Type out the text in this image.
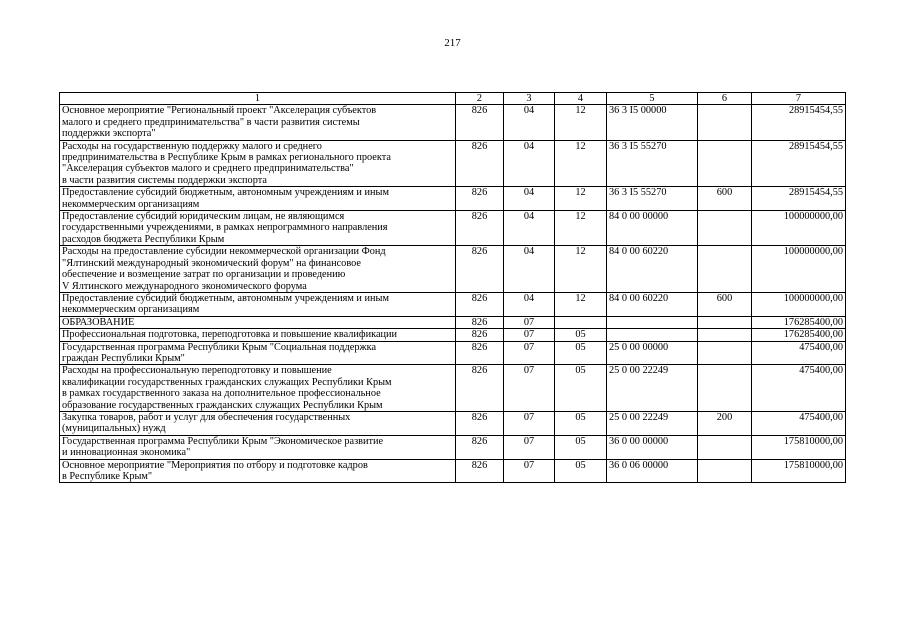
217
1	2	3	4	5	6	7
Основное мероприятие "Региональный проект "Акселерация субъектов
малого и среднего предпринимательства" в части развития системы
поддержки экспорта"	826	04	12	36 3 I5 00000		28915454,55
Расходы на государственную поддержку малого и среднего
предпринимательства в Республике Крым в рамках регионального проекта
"Акселерация субъектов малого и среднего предпринимательства"
в части развития системы поддержки экспорта	826	04	12	36 3 I5 55270		28915454,55
Предоставление субсидий бюджетным, автономным учреждениям и иным
некоммерческим организациям	826	04	12	36 3 I5 55270	600	28915454,55
Предоставление субсидий юридическим лицам, не являющимся
государственными учреждениями, в рамках непрограммного направления
расходов бюджета Республики Крым	826	04	12	84 0 00 00000		100000000,00
Расходы на предоставление субсидии некоммерческой организации Фонд
"Ялтинский международный экономический форум" на финансовое
обеспечение и возмещение затрат по организации и проведению
V Ялтинского международного экономического форума	826	04	12	84 0 00 60220		100000000,00
Предоставление субсидий бюджетным, автономным учреждениям и иным
некоммерческим организациям	826	04	12	84 0 00 60220	600	100000000,00
ОБРАЗОВАНИЕ	826	07				176285400,00
Профессиональная подготовка, переподготовка и повышение квалификации	826	07	05			176285400,00
Государственная программа Республики Крым "Социальная поддержка
граждан Республики Крым"	826	07	05	25 0 00 00000		475400,00
Расходы на профессиональную переподготовку и повышение
квалификации государственных гражданских служащих Республики Крым
в рамках государственного заказа на дополнительное профессиональное
образование государственных гражданских служащих Республики Крым	826	07	05	25 0 00 22249		475400,00
Закупка товаров, работ и услуг для обеспечения государственных
(муниципальных) нужд	826	07	05	25 0 00 22249	200	475400,00
Государственная программа Республики Крым "Экономическое развитие
и инновационная экономика"	826	07	05	36 0 00 00000		175810000,00
Основное мероприятие "Мероприятия по отбору и подготовке кадров
в Республике Крым"	826	07	05	36 0 06 00000		175810000,00
